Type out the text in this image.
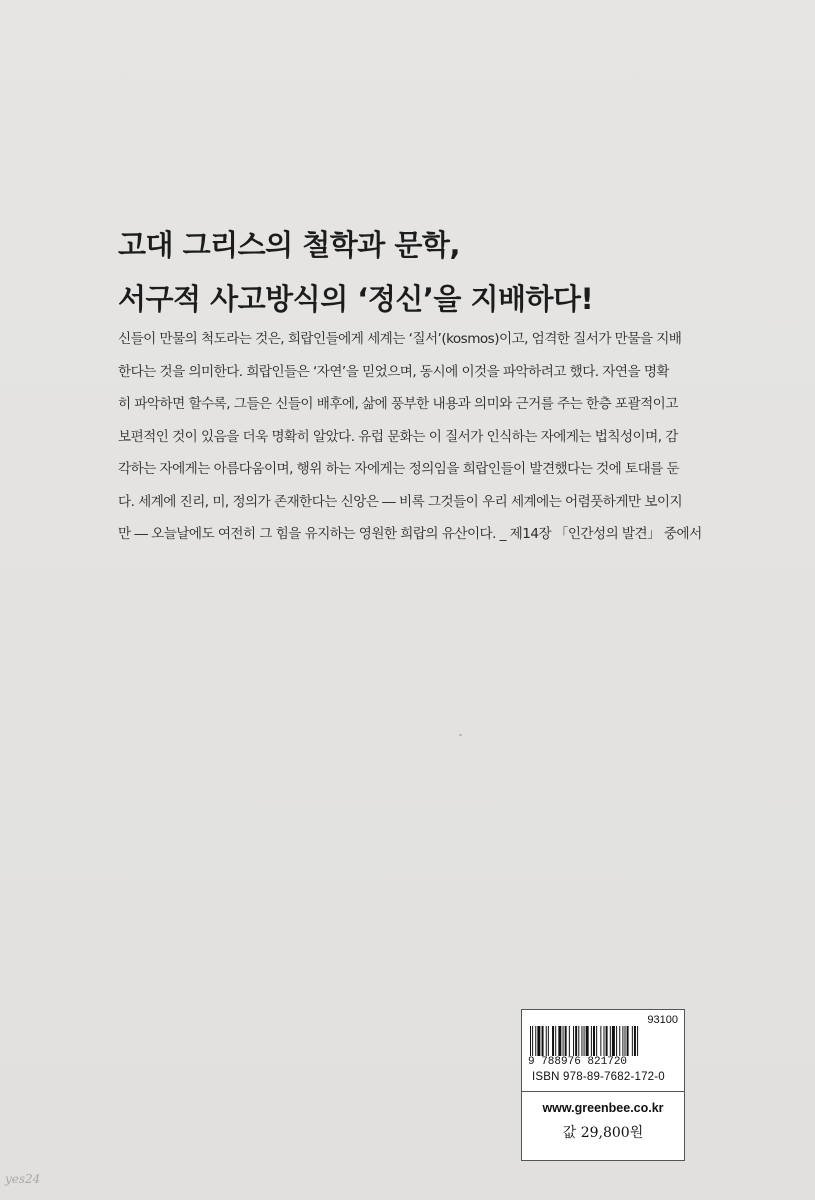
고대 그리스의 철학과 문학,
서구적 사고방식의 ‘정신’을 지배하다!
신들이 만물의 척도라는 것은, 희랍인들에게 세계는 ‘질서’(kosmos)이고, 엄격한 질서가 만물을 지배
한다는 것을 의미한다. 희랍인들은 ‘자연’을 믿었으며, 동시에 이것을 파악하려고 했다. 자연을 명확
히 파악하면 할수록, 그들은 신들이 배후에, 삶에 풍부한 내용과 의미와 근거를 주는 한층 포괄적이고
보편적인 것이 있음을 더욱 명확히 알았다. 유럽 문화는 이 질서가 인식하는 자에게는 법칙성이며, 감
각하는 자에게는 아름다움이며, 행위 하는 자에게는 정의임을 희랍인들이 발견했다는 것에 토대를 둔
다. 세계에 진리, 미, 정의가 존재한다는 신앙은 ― 비록 그것들이 우리 세계에는 어렴풋하게만 보이지
만 ― 오늘날에도 여전히 그 힘을 유지하는 영원한 희랍의 유산이다. _ 제14장 「인간성의 발견」 중에서
93100
9 788976 821720
ISBN 978-89-7682-172-0
www.greenbee.co.kr
값 29,800원
yes24
